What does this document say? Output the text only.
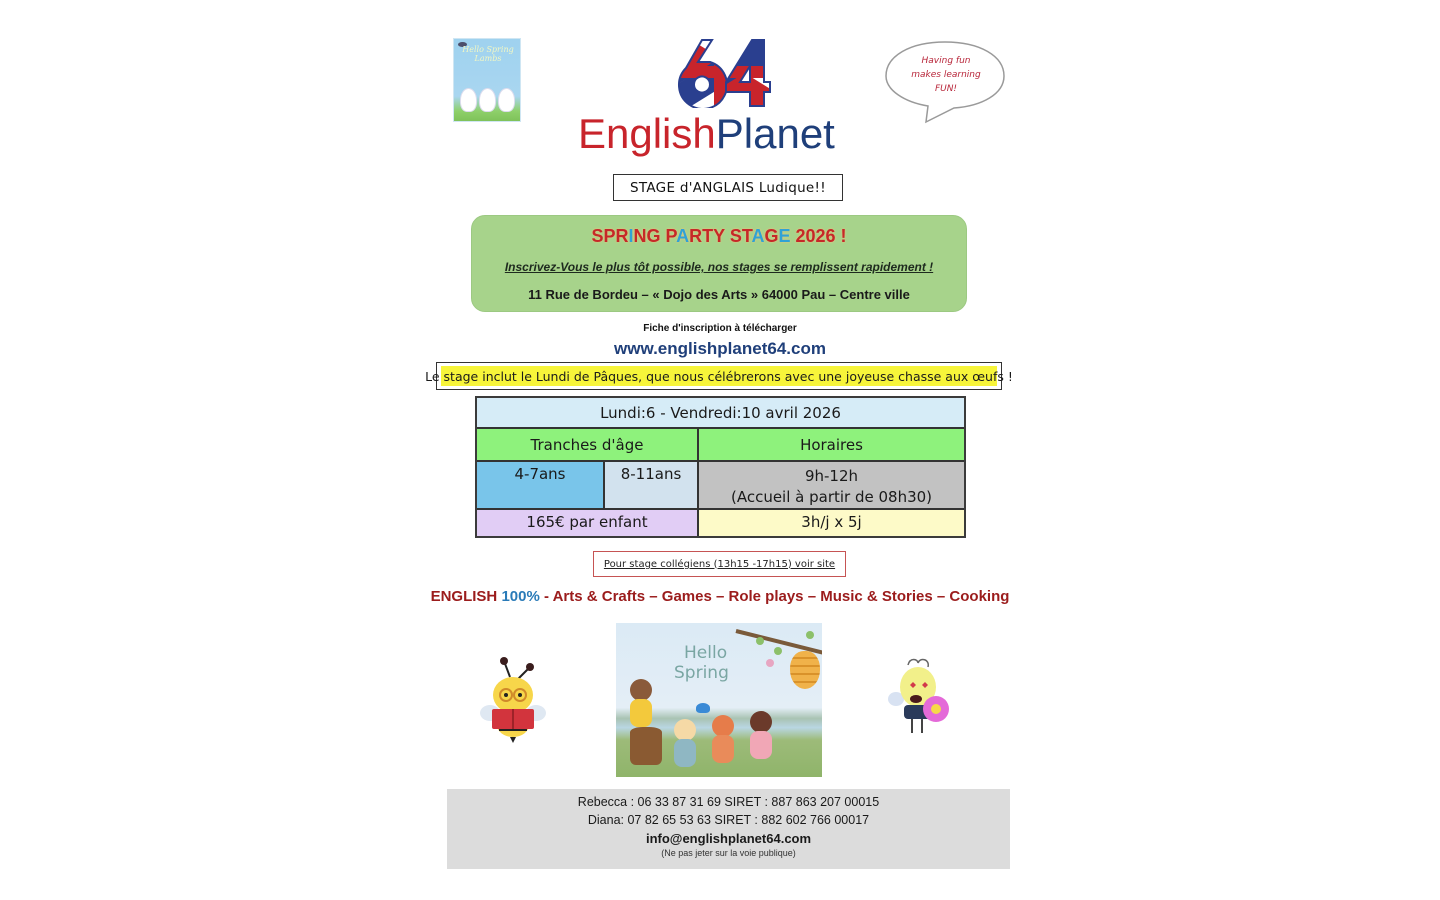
Hello Spring Lambs
EnglishPlanet
Having fun
makes learning
FUN!
STAGE d'ANGLAIS Ludique!!
SPRING PARTY STAGE 2026 !
Inscrivez-Vous le plus tôt possible, nos stages se remplissent rapidement !
11 Rue de Bordeu – « Dojo des Arts » 64000 Pau – Centre ville
Fiche d'inscription à télécharger
www.englishplanet64.com
Le stage inclut le Lundi de Pâques, que nous célébrerons avec une joyeuse chasse aux œufs !
Lundi:6 - Vendredi:10 avril 2026
Tranches d'âge	Horaires
4-7ans	8-11ans	9h-12h
(Accueil à partir de 08h30)
165€ par enfant	3h/j x 5j
Pour stage collégiens (13h15 -17h15) voir site
ENGLISH 100% - Arts & Crafts – Games – Role plays – Music & Stories – Cooking
Hello
Spring
Rebecca : 06 33 87 31 69 SIRET : 887 863 207 00015
Diana: 07 82 65 53 63 SIRET : 882 602 766 00017
info@englishplanet64.com
(Ne pas jeter sur la voie publique)
